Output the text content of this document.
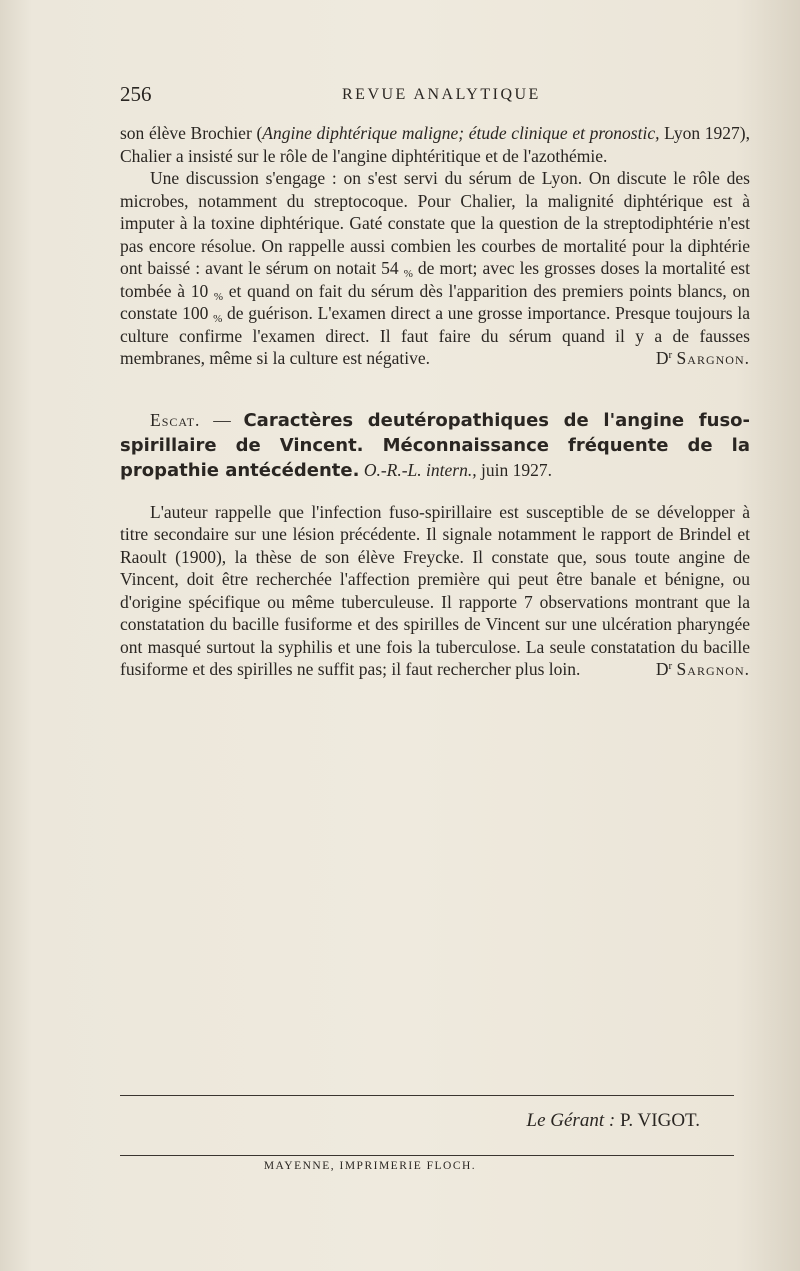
256	REVUE ANALYTIQUE

son élève Brochier (Angine diphtérique maligne; étude clinique et pronostic, Lyon 1927), Chalier a insisté sur le rôle de l'angine diphtéritique et de l'azothémie.

Une discussion s'engage : on s'est servi du sérum de Lyon. On discute le rôle des microbes, notamment du streptocoque. Pour Chalier, la malignité diphtérique est à imputer à la toxine diphtérique. Gaté constate que la question de la streptodiphtérie n'est pas encore résolue. On rappelle aussi combien les courbes de mortalité pour la diphtérie ont baissé : avant le sérum on notait 54 $_{\%}$ de mort; avec les grosses doses la mortalité est tombée à 10 $_{\%}$ et quand on fait du sérum dès l'apparition des premiers points blancs, on constate 100 $_{\%}$ de guérison. L'examen direct a une grosse importance. Presque toujours la culture confirme l'examen direct. Il faut faire du sérum quand il y a de fausses membranes, même si la culture est négative.	$D^r$ Sargnon.

Escat. — Caractères deutéropathiques de l'angine fuso-spirillaire de Vincent. Méconnaissance fréquente de la propathie antécédente. O.-R.-L. intern., juin 1927.

L'auteur rappelle que l'infection fuso-spirillaire est susceptible de se développer à titre secondaire sur une lésion précédente. Il signale notamment le rapport de Brindel et Raoult (1900), la thèse de son élève Freycke. Il constate que, sous toute angine de Vincent, doit être recherchée l'affection première qui peut être banale et bénigne, ou d'origine spécifique ou même tuberculeuse. Il rapporte 7 observations montrant que la constatation du bacille fusiforme et des spirilles de Vincent sur une ulcération pharyngée ont masqué surtout la syphilis et une fois la tuberculose. La seule constatation du bacille fusiforme et des spirilles ne suffit pas; il faut rechercher plus loin.	$D^r$ Sargnon.

Le Gérant : P. VIGOT.
MAYENNE, IMPRIMERIE FLOCH.
